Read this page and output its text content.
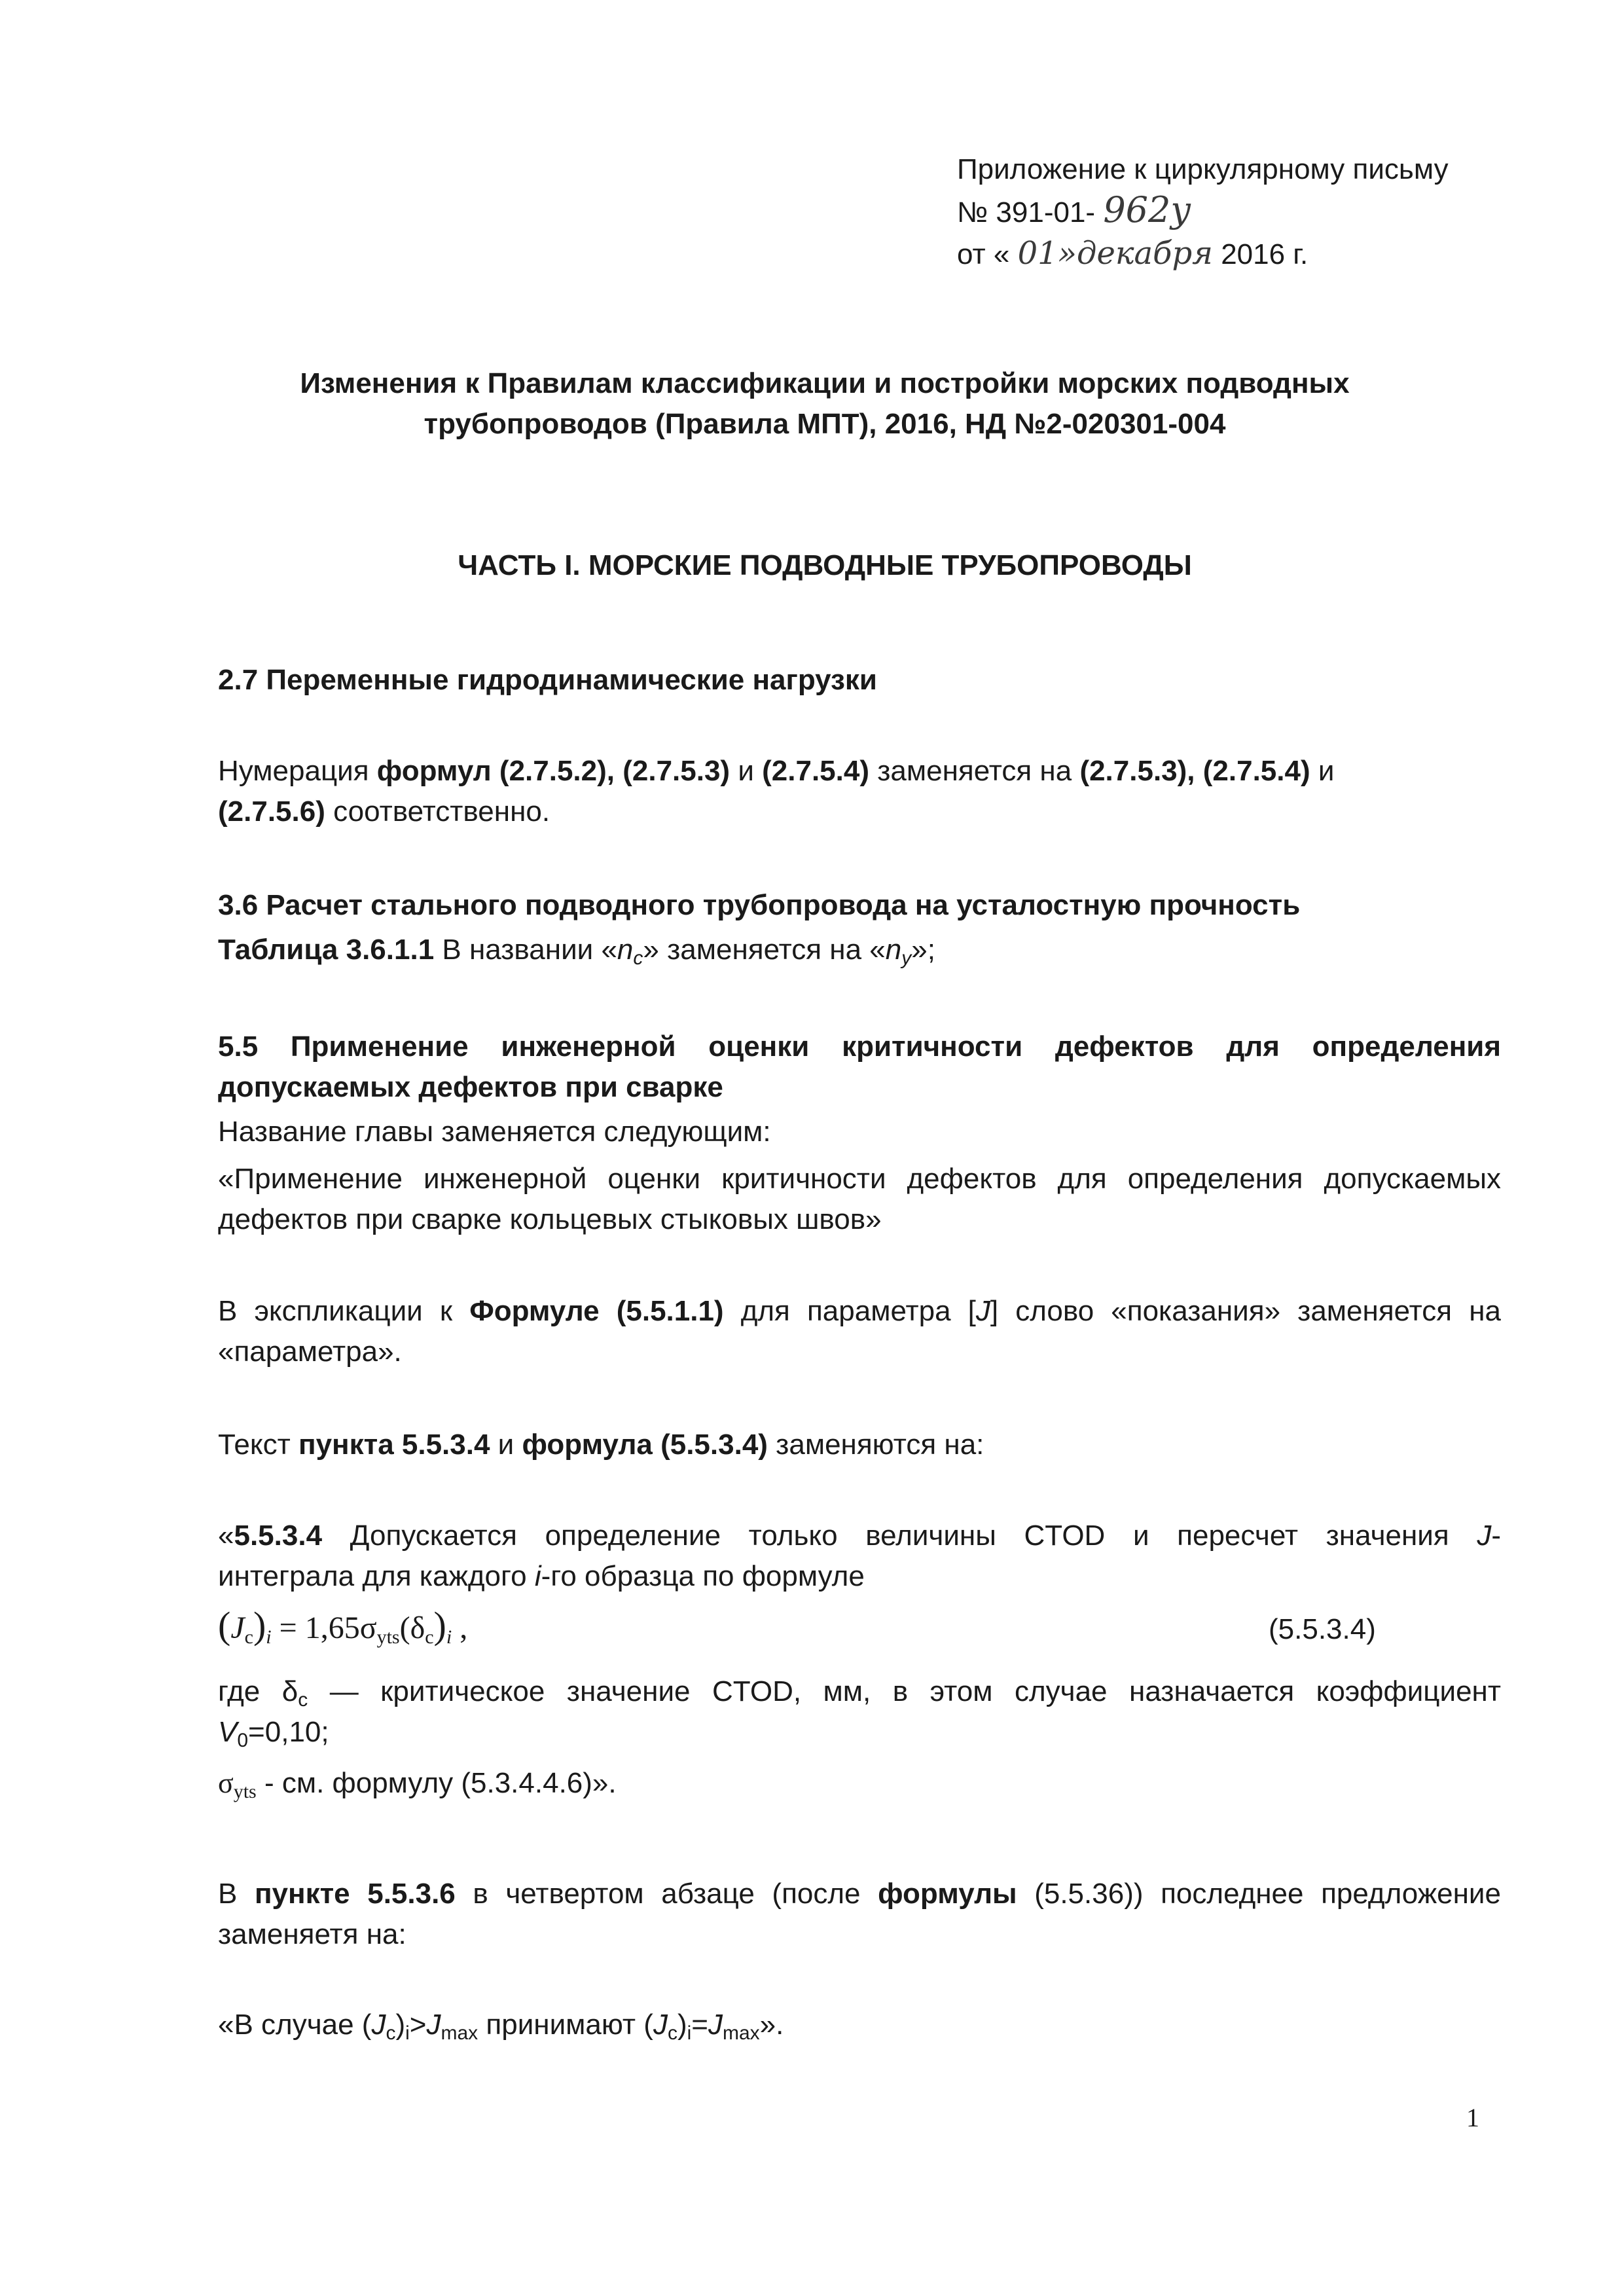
Приложение к циркулярному письму
№ 391-01- 962у
от « 01»декабря 2016 г.
Изменения к Правилам классификации и постройки морских подводных
трубопроводов (Правила МПТ), 2016, НД №2-020301-004
ЧАСТЬ I. МОРСКИЕ ПОДВОДНЫЕ ТРУБОПРОВОДЫ
2.7 Переменные гидродинамические нагрузки
Нумерация формул (2.7.5.2), (2.7.5.3) и (2.7.5.4) заменяется на (2.7.5.3), (2.7.5.4) и
(2.7.5.6) соответственно.
3.6 Расчет стального подводного трубопровода на усталостную прочность
Таблица 3.6.1.1 В названии «$n_c$» заменяется на «$n_y$»;
5.5 Применение инженерной оценки критичности дефектов для определения
допускаемых дефектов при сварке
Название главы заменяется следующим:
«Применение инженерной оценки критичности дефектов для определения допускаемых
дефектов при сварке кольцевых стыковых швов»
В экспликации к Формуле (5.5.1.1) для параметра [J] слово «показания» заменяется на
«параметра».
Текст пункта 5.5.3.4 и формула (5.5.3.4) заменяются на:
«5.5.3.4 Допускается определение только величины CTOD и пересчет значения J-
интеграла для каждого i-го образца по формуле
$(J_c)_i = 1,65\sigma_{yts}(\delta_c)_i$ ,	(5.5.3.4)
где $\delta_c$ — критическое значение CTOD, мм, в этом случае назначается коэффициент
$V_0=0,10$;
$\sigma_{yts}$ - см. формулу (5.3.4.4.6)».
В пункте 5.5.3.6 в четвертом абзаце (после формулы (5.5.36)) последнее предложение
заменяетя на:
«В случае $(J_c)_i>J_{max}$ принимают $(J_c)_i=J_{max}$».
1
